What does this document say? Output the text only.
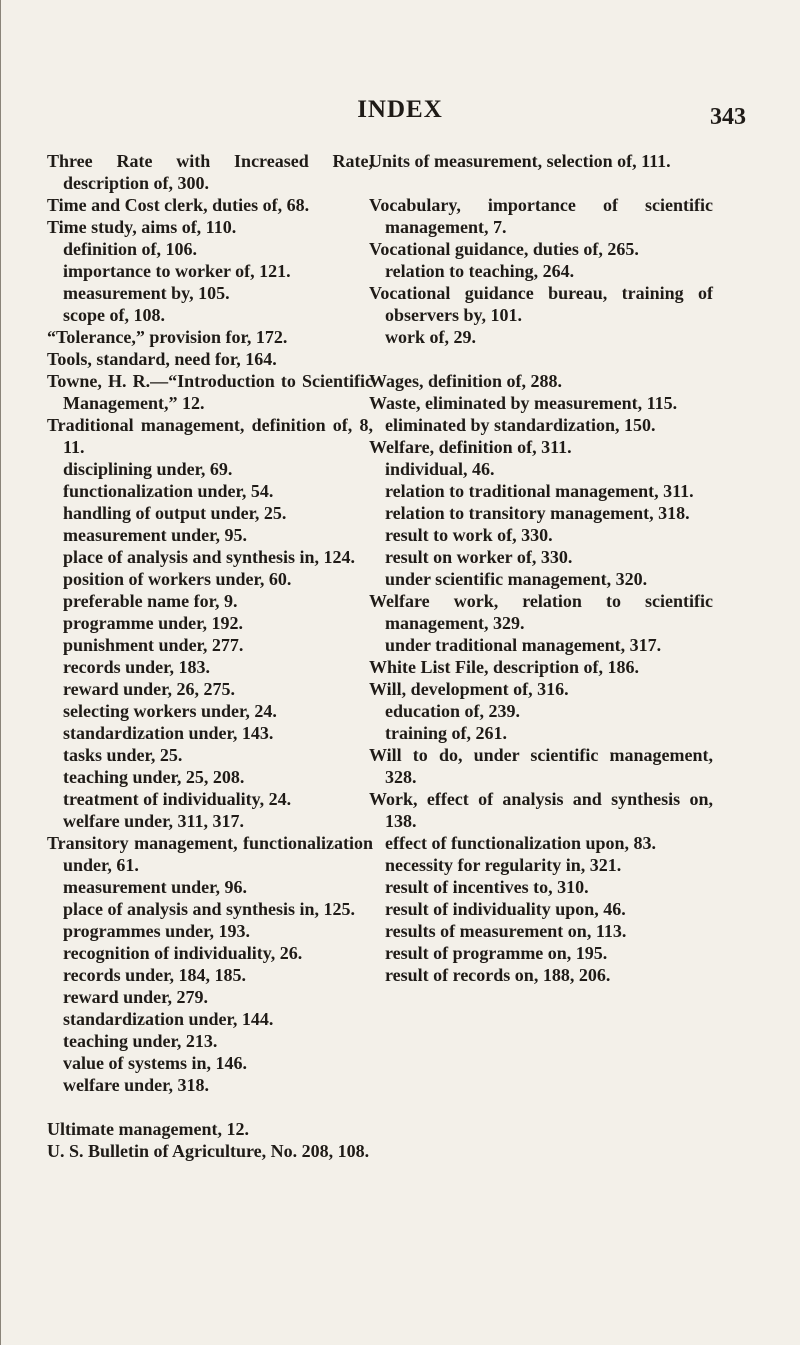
INDEX	343
Three Rate with Increased Rate, description of, 300.
Time and Cost clerk, duties of, 68.
Time study, aims of, 110.
definition of, 106.
importance to worker of, 121.
measurement by, 105.
scope of, 108.
“Tolerance,” provision for, 172.
Tools, standard, need for, 164.
Towne, H. R.—“Introduction to Scientific Management,” 12.
Traditional management, definition of, 8, 11.
disciplining under, 69.
functionalization under, 54.
handling of output under, 25.
measurement under, 95.
place of analysis and synthesis in, 124.
position of workers under, 60.
preferable name for, 9.
programme under, 192.
punishment under, 277.
records under, 183.
reward under, 26, 275.
selecting workers under, 24.
standardization under, 143.
tasks under, 25.
teaching under, 25, 208.
treatment of individuality, 24.
welfare under, 311, 317.
Transitory management, functionalization under, 61.
measurement under, 96.
place of analysis and synthesis in, 125.
programmes under, 193.
recognition of individuality, 26.
records under, 184, 185.
reward under, 279.
standardization under, 144.
teaching under, 213.
value of systems in, 146.
welfare under, 318.
Ultimate management, 12.
U. S. Bulletin of Agriculture, No. 208, 108.
Units of measurement, selection of, 111.
Vocabulary, importance of scientific management, 7.
Vocational guidance, duties of, 265.
relation to teaching, 264.
Vocational guidance bureau, training of observers by, 101.
work of, 29.
Wages, definition of, 288.
Waste, eliminated by measurement, 115.
eliminated by standardization, 150.
Welfare, definition of, 311.
individual, 46.
relation to traditional management, 311.
relation to transitory management, 318.
result to work of, 330.
result on worker of, 330.
under scientific management, 320.
Welfare work, relation to scientific management, 329.
under traditional management, 317.
White List File, description of, 186.
Will, development of, 316.
education of, 239.
training of, 261.
Will to do, under scientific management, 328.
Work, effect of analysis and synthesis on, 138.
effect of functionalization upon, 83.
necessity for regularity in, 321.
result of incentives to, 310.
result of individuality upon, 46.
results of measurement on, 113.
result of programme on, 195.
result of records on, 188, 206.
